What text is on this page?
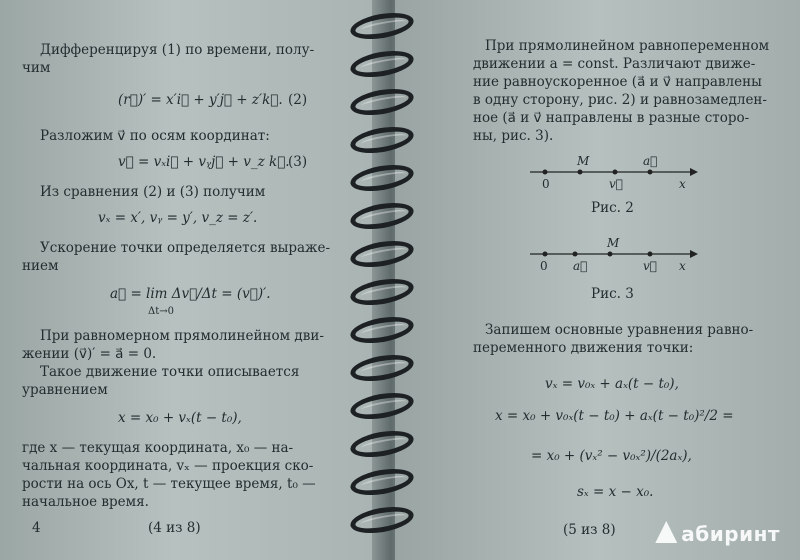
Дифференцируя (1) по времени, полу-
чим
(r⃗)′ = x′i⃗ + y′j⃗ + z′k⃗. (2)
Разложим v⃗ по осям координат:
v⃗ = vₓi⃗ + vᵧj⃗ + v_z k⃗.
(3)
Из сравнения (2) и (3) получим
vₓ = x′, vᵧ = y′, v_z = z′.
Ускорение точки определяется выраже-
нием
a⃗ = lim Δv⃗/Δt = (v⃗)′.
Δt→0
При равномерном прямолинейном дви-
жении (v⃗)′ = a⃗ = 0.
Такое движение точки описывается
уравнением
x = x₀ + vₓ(t − t₀),
где x — текущая координата, x₀ — на-
чальная координата, vₓ — проекция ско-
рости на ось Ox, t — текущее время, t₀ —
начальное время.
4	(4 из 8)
При прямолинейном равнопеременном
движении a = const. Различают движе-
ние равноускоренное (a⃗ и v⃗ направлены
в одну сторону, рис. 2) и равнозамедлен-
ное (a⃗ и v⃗ направлены в разные сторо-
ны, рис. 3).
M	a⃗
0	v⃗	x
Рис. 2
M
0 a⃗	v⃗ x
Рис. 3
Запишем основные уравнения равно-
переменного движения точки:
vₓ = v₀ₓ + aₓ(t − t₀),
x = x₀ + v₀ₓ(t − t₀) + aₓ(t − t₀)²/2 =
= x₀ + (vₓ² − v₀ₓ²)/(2aₓ),
sₓ = x − x₀.
(5 из 8)	абиринт
